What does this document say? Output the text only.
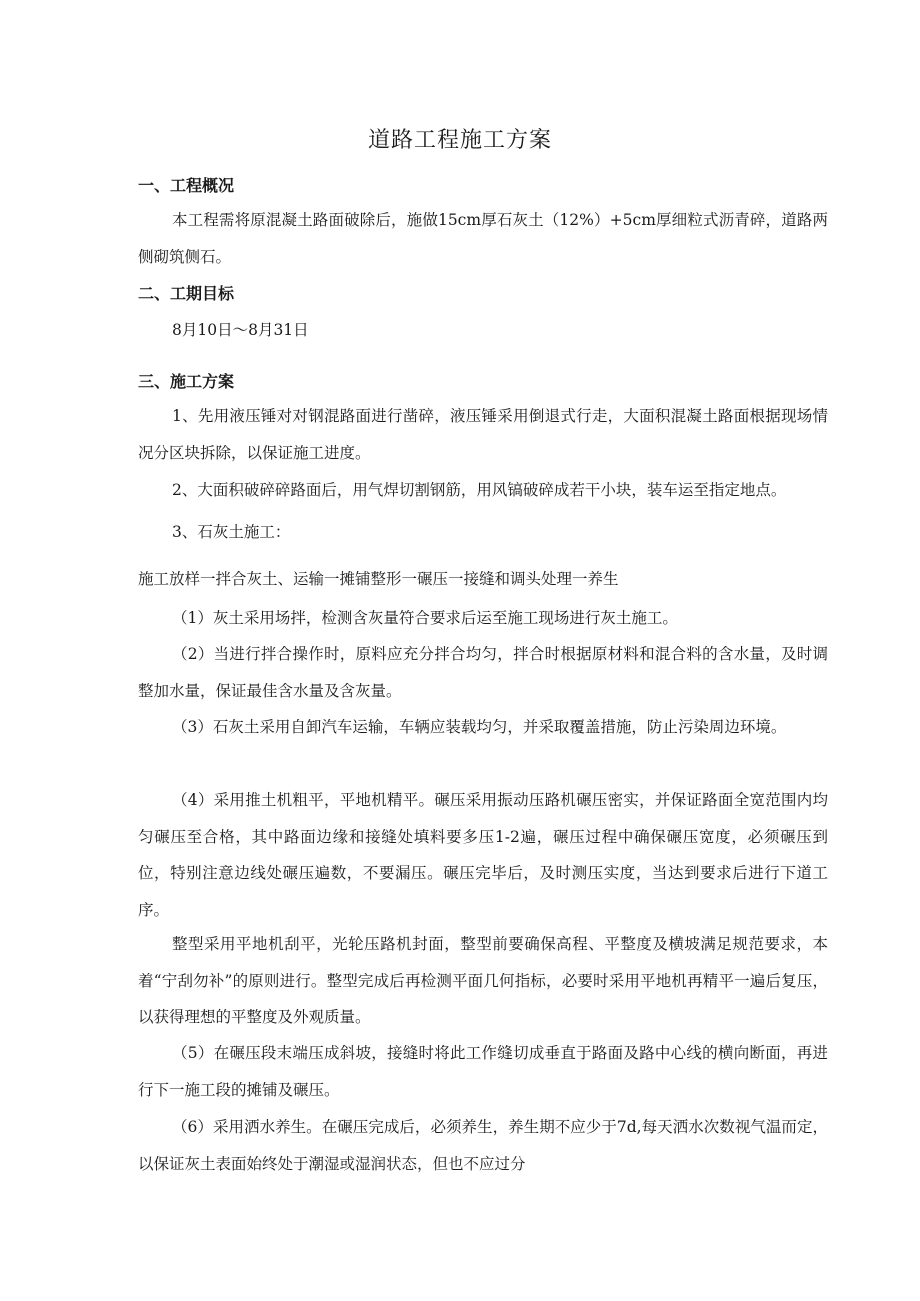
道路工程施工方案
一、工程概况

本工程需将原混凝土路面破除后，施做15cm厚石灰土（12%）+5cm厚细粒式沥青碎，道路两侧砌筑侧石。

二、工期目标

8月10日～8月31日

三、施工方案

1、先用液压锤对对钢混路面进行凿碎，液压锤采用倒退式行走，大面积混凝土路面根据现场情况分区块拆除，以保证施工进度。

2、大面积破碎碎路面后，用气焊切割钢筋，用风镐破碎成若干小块，装车运至指定地点。

3、石灰土施工：

施工放样一拌合灰土、运输一摊铺整形一碾压一接缝和调头处理一养生

（1）灰土采用场拌，检测含灰量符合要求后运至施工现场进行灰土施工。

（2）当进行拌合操作时，原料应充分拌合均匀，拌合时根据原材料和混合料的含水量，及时调整加水量，保证最佳含水量及含灰量。

（3）石灰土采用自卸汽车运输，车辆应装载均匀，并采取覆盖措施，防止污染周边环境。

（4）采用推土机粗平，平地机精平。碾压采用振动压路机碾压密实，并保证路面全宽范围内均匀碾压至合格，其中路面边缘和接缝处填料要多压1-2遍，碾压过程中确保碾压宽度，必须碾压到位，特别注意边线处碾压遍数，不要漏压。碾压完毕后，及时测压实度，当达到要求后进行下道工序。

整型采用平地机刮平，光轮压路机封面，整型前要确保高程、平整度及横坡满足规范要求，本着“宁刮勿补”的原则进行。整型完成后再检测平面几何指标，必要时采用平地机再精平一遍后复压，以获得理想的平整度及外观质量。

（5）在碾压段末端压成斜坡，接缝时将此工作缝切成垂直于路面及路中心线的横向断面，再进行下一施工段的摊铺及碾压。

（6）采用洒水养生。在碾压完成后，必须养生，养生期不应少于7d,每天洒水次数视气温而定，以保证灰土表面始终处于潮湿或湿润状态，但也不应过分
